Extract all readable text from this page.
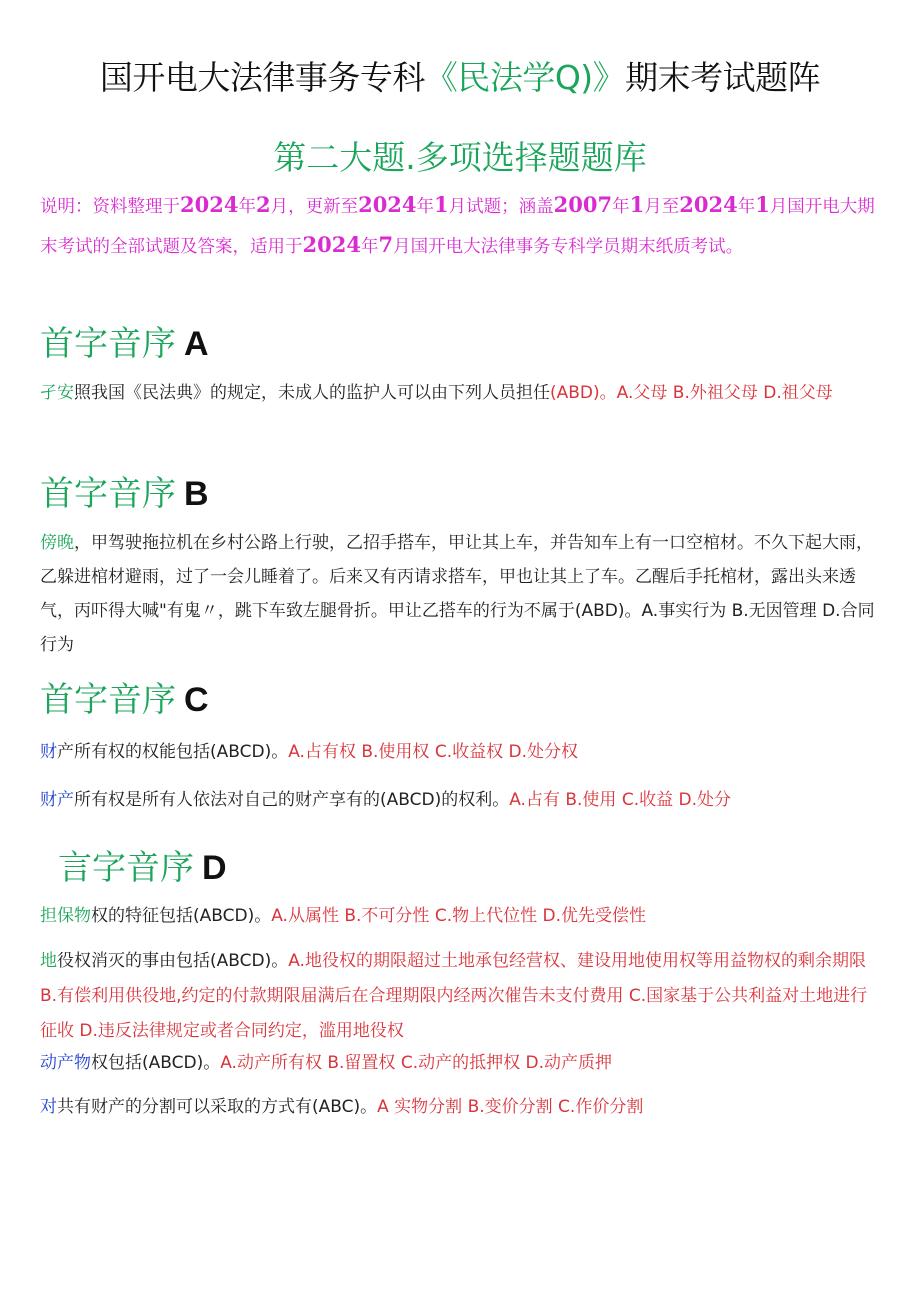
国开电大法律事务专科《民法学Q)》期末考试题阵
第二大题.多项选择题题库
说明：资料整理于2024年2月，更新至2024年1月试题；涵盖2007年1月至2024年1月国开电大期末考试的全部试题及答案，适用于2024年7月国开电大法律事务专科学员期末纸质考试。
首字音序 A
孑安照我国《民法典》的规定，未成人的监护人可以由下列人员担任(ABD)。A.父母 B.外祖父母 D.祖父母
首字音序 B
傍晚，甲驾驶拖拉机在乡村公路上行驶，乙招手搭车，甲让其上车，并告知车上有一口空棺材。不久下起大雨，乙躲进棺材避雨，过了一会儿睡着了。后来又有丙请求搭车，甲也让其上了车。乙醒后手托棺材，露出头来透气，丙吓得大喊"有鬼〃，跳下车致左腿骨折。甲让乙搭车的行为不属于(ABD)。A.事实行为 B.无因管理 D.合同行为
首字音序 C
财产所有权的权能包括(ABCD)。A.占有权 B.使用权 C.收益权 D.处分权
财产所有权是所有人依法对自己的财产享有的(ABCD)的权利。A.占有 B.使用 C.收益 D.处分
言字音序 D
担保物权的特征包括(ABCD)。A.从属性 B.不可分性 C.物上代位性 D.优先受偿性
地役权消灭的事由包括(ABCD)。A.地役权的期限超过土地承包经营权、建设用地使用权等用益物权的剩余期限 B.有偿利用供役地,约定的付款期限届满后在合理期限内经两次催告未支付费用 C.国家基于公共利益对土地进行征收 D.违反法律规定或者合同约定，滥用地役权
动产物权包括(ABCD)。A.动产所有权 B.留置权 C.动产的抵押权 D.动产质押
对共有财产的分割可以采取的方式有(ABC)。A 实物分割 B.变价分割 C.作价分割
